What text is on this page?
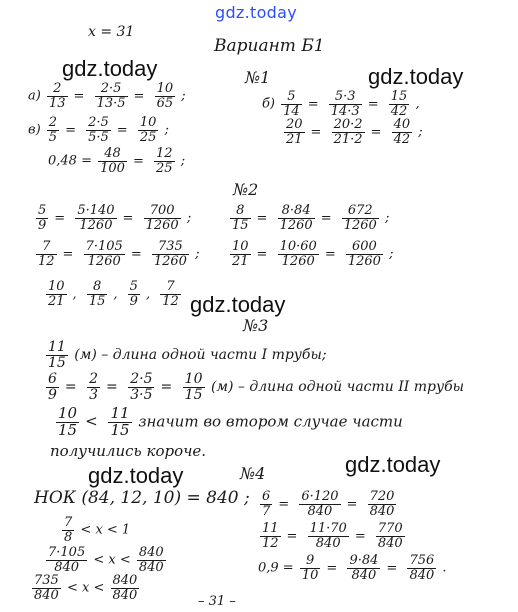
gdz.today
gdz.today	gdz.today
gdz.today
gdz.today	gdz.today
x = 31
Вариант Б1
№1
$а) \frac{2}{13} = \frac{2\cdot 5}{13\cdot 5} = \frac{10}{65}$ ;
$б) \frac{5}{14} = \frac{5\cdot 3}{14\cdot 3} = \frac{15}{42}$ ,
$\frac{20}{21} = \frac{20\cdot 2}{21\cdot 2} = \frac{40}{42}$ ;
$в) \frac{2}{5} = \frac{2\cdot 5}{5\cdot 5} = \frac{10}{25}$ ;
$0,48 = \frac{48}{100} = \frac{12}{25}$ ;
№2
$\frac{5}{9} = \frac{5\cdot 140}{1260} = \frac{700}{1260}$ ;	$\frac{8}{15} = \frac{8\cdot 84}{1260} = \frac{672}{1260}$ ;
$\frac{7}{12} = \frac{7\cdot 105}{1260} = \frac{735}{1260}$ ; $\frac{10}{21} = \frac{10\cdot 60}{1260} = \frac{600}{1260}$ ;
$\frac{10}{21}$ , $\frac{8}{15}$ , $\frac{5}{9}$ , $\frac{7}{12}$
№3
$\frac{11}{15} (м)$ – длина одной части I трубы;
$\frac{6}{9} = \frac{2}{3} = \frac{2\cdot 5}{3\cdot 5} = \frac{10}{15} (м)$ – длина одной части II трубы
$\frac{10}{15} < \frac{11}{15}$ значит во втором случае части
получились короче.
№4
НОК (84, 12, 10) = 840 ;
$\frac{7}{8} < x < 1$
$\frac{7\cdot 105}{840} < x < \frac{840}{840}$
$\frac{735}{840} < x < \frac{840}{840}$
$\frac{6}{7} = \frac{6\cdot 120}{840} = \frac{720}{840}$
$\frac{11}{12} = \frac{11\cdot 70}{840} = \frac{770}{840}$
$0,9 = \frac{9}{10} = \frac{9\cdot 84}{840} = \frac{756}{840}$ .
– 31 –
